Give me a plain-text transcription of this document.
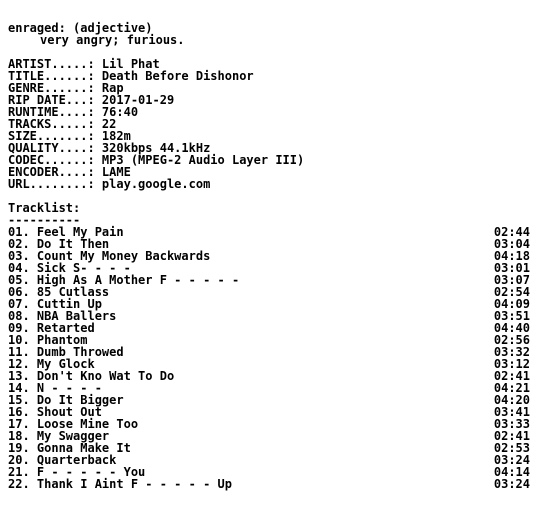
enraged: (adjective)
very angry; furious.
ARTIST.....: Lil Phat
TITLE......: Death Before Dishonor
GENRE......: Rap
RIP DATE...: 2017-01-29
RUNTIME....: 76:40
TRACKS.....: 22
SIZE.......: 182m
QUALITY....: 320kbps 44.1kHz
CODEC......: MP3 (MPEG-2 Audio Layer III)
ENCODER....: LAME
URL........: play.google.com
Tracklist:
----------
01. Feel My Pain	02:44
02. Do It Then	03:04
03. Count My Money Backwards	04:18
04. Sick S- - - -	03:01
05. High As A Mother F - - - - -	03:07
06. 85 Cutlass	02:54
07. Cuttin Up	04:09
08. NBA Ballers	03:51
09. Retarted	04:40
10. Phantom	02:56
11. Dumb Throwed	03:32
12. My Glock	03:12
13. Don't Kno Wat To Do	02:41
14. N - - - -	04:21
15. Do It Bigger	04:20
16. Shout Out	03:41
17. Loose Mine Too	03:33
18. My Swagger	02:41
19. Gonna Make It	02:53
20. Quarterback	03:24
21. F - - - - - You	04:14
22. Thank I Aint F - - - - - Up	03:24
